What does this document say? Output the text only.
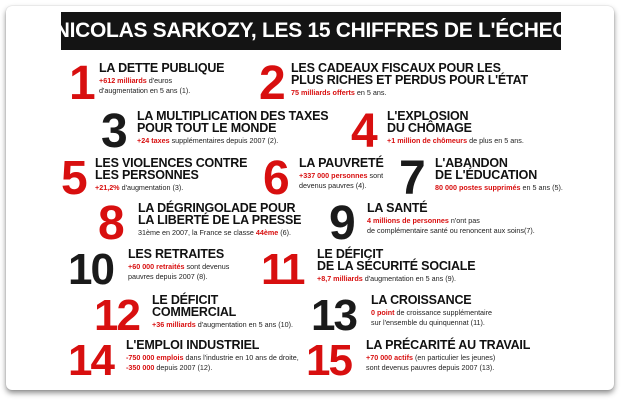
NICOLAS SARKOZY, LES 15 CHIFFRES DE L'ÉCHEC
1 LA DETTE PUBLIQUE
+612 milliards d'euros
d'augmentation en 5 ans (1).	2 LES CADEAUX FISCAUX POUR LES
PLUS RICHES ET PERDUS POUR L'ÉTAT
75 milliards offerts en 5 ans.
3 LA MULTIPLICATION DES TAXES
POUR TOUT LE MONDE
+24 taxes supplémentaires depuis 2007 (2).	4 L'EXPLOSION
DU CHÔMAGE
+1 million de chômeurs de plus en 5 ans.
5 LES VIOLENCES CONTRE
LES PERSONNES
+21,2% d'augmentation (3).	6 LA PAUVRETÉ
+337 000 personnes sont
devenus pauvres (4). 7 L'ABANDON
DE L'ÉDUCATION
80 000 postes supprimés en 5 ans (5).
8 LA DÉGRINGOLADE POUR
LA LIBERTÉ DE LA PRESSE
31ème en 2007, la France se classe 44ème (6). 9 LA SANTÉ
4 millions de personnes n'ont pas
de complémentaire santé ou renoncent aux soins(7).
10 LES RETRAITES
+60 000 retraités sont devenus
pauvres depuis 2007 (8).	11 LE DÉFICIT
DE LA SÉCURITÉ SOCIALE
+8,7 milliards d'augmentation en 5 ans (9).
12 LE DÉFICIT
COMMERCIAL
+36 milliards d'augmentation en 5 ans (10). 13 LA CROISSANCE
0 point de croissance supplémentaire
sur l'ensemble du quinquennat (11).
14 L'EMPLOI INDUSTRIEL
-750 000 emplois dans l'industrie en 10 ans de droite,
-350 000 depuis 2007 (12).	15 LA PRÉCARITÉ AU TRAVAIL
+70 000 actifs (en particulier les jeunes)
sont devenus pauvres depuis 2007 (13).
